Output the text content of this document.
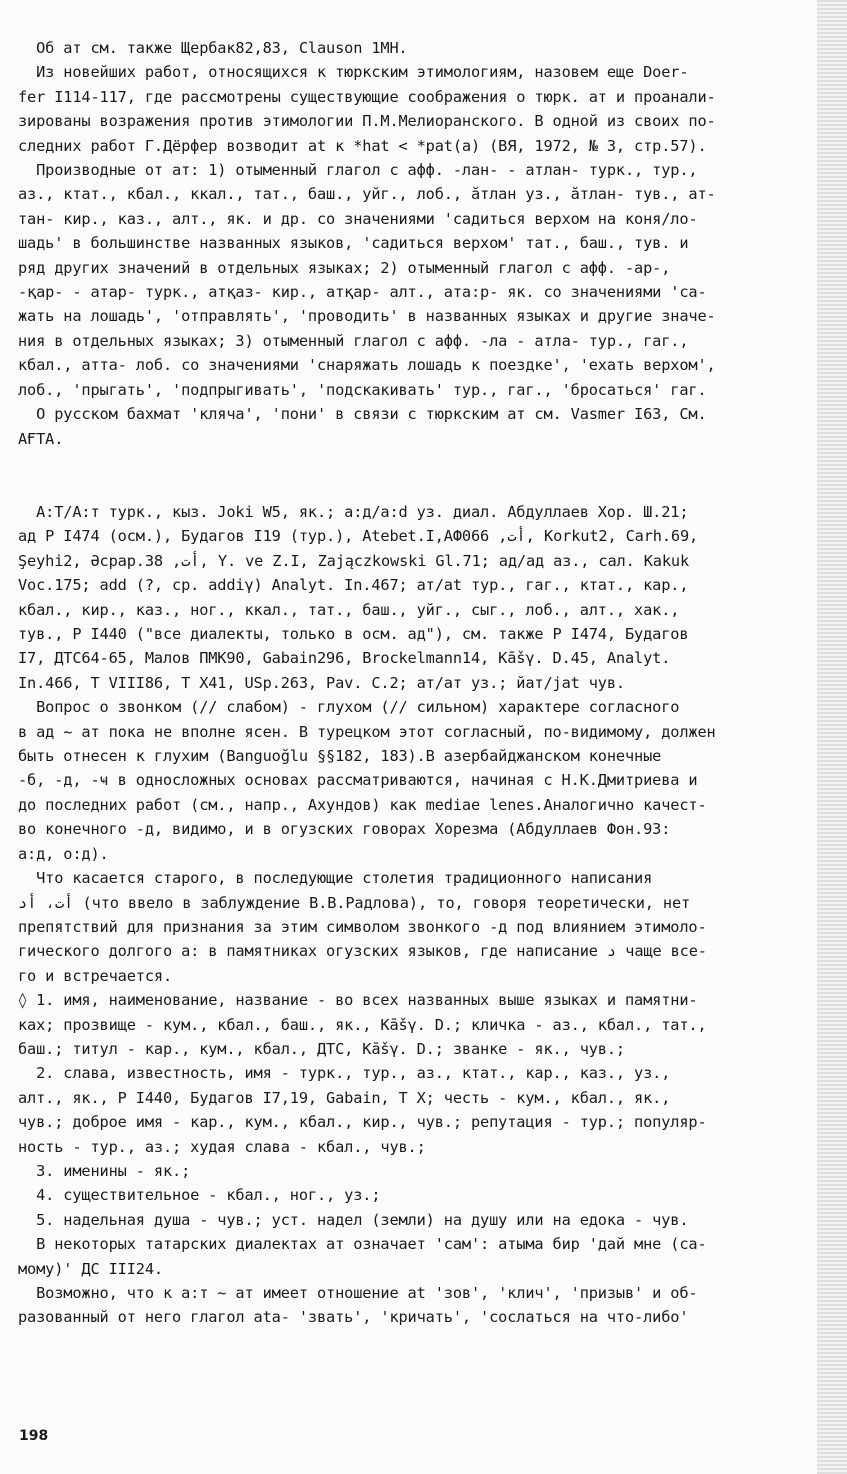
Об ат см. также Щербак82,83, Clauson 1MH.

Из новейших работ, относящихся к тюркским этимологиям, назовем еще Doer-

fer I114-117, где рассмотрены существующие соображения о тюрк. ат и проанали-

зированы возражения против этимологии П.М.Мелиоранского. В одной из своих по-

следних работ Г.Дёрфер возводит at к *hat < *pat(a) (ВЯ, 1972, № 3, стр.57).

Производные от ат: 1) отыменный глагол с афф. -лан- - атлан- турк., тур.,

аз., ктат., кбал., ккал., тат., баш., уйг., лоб., ăтлан уз., ăтлан- тув., ат-

тан- кир., каз., алт., як. и др. со значениями 'садиться верхом на коня/ло-

шадь' в большинстве названных языков, 'садиться верхом' тат., баш., тув. и

ряд других значений в отдельных языках; 2) отыменный глагол с афф. -ар-,

-қар- - атар- турк., атқаз- кир., атқар- алт., ата:р- як. со значениями 'са-

жать на лошадь', 'отправлять', 'проводить' в названных языках и другие значе-

ния в отдельных языках; 3) отыменный глагол с афф. -ла - атла- тур., гаг.,

кбал., атта- лоб. со значениями 'снаряжать лошадь к поездке', 'ехать верхом',

лоб., 'прыгать', 'подпрыгивать', 'подскакивать' тур., гаг., 'бросаться' гаг.

О русском бахмат 'кляча', 'пони' в связи с тюркским ат см. Vasmer I63, См.

АҒТА.

А:Т/A:т турк., кыз. Joki W5, як.; а:д/a:d уз. диал. Абдуллаев Хор. Ш.21;

ад Р I474 (осм.), Будагов I19 (тур.), Atebet.I,АФ066 ,أت, Korkut2, Carh.69,

Şeyhi2, Əсрар.38 ,أت, Y. ve Z.I, Zajączkowski Gl.71; ад/ад аз., сал. Kakuk

Voc.175; add (?, ср. addiγ) Analyt. In.467; aт/at тур., гаг., ктат., кар.,

кбал., кир., каз., ног., ккал., тат., баш., уйг., сыг., лоб., алт., хак.,

тув., Р I440 ("все диалекты, только в осм. ад"), см. также Р I474, Будагов

I7, ДТС64-65, Малов ПМК90, Gabain296, Brockelmann14, Kāšγ. D.45, Analyt.

In.466, Т VIII86, Т X41, USp.263, Pav. C.2; ат/ат уз.; йат/jat чув.

Вопрос о звонком (// слабом) - глухом (// сильном) характере согласного

в ад ~ ат пока не вполне ясен. В турецком этот согласный, по-видимому, должен

быть отнесен к глухим (Banguoğlu §§182, 183).В азербайджанском конечные

-б, -д, -ҹ в односложных основах рассматриваются, начиная с Н.К.Дмитриева и

до последних работ (см., напр., Ахундов) как mediae lenes.Аналогично качест-

во конечного -д, видимо, и в огузских говорах Хорезма (Абдуллаев Фон.93:

а:д, о:д).

Что касается старого, в последующие столетия традиционного написания

أت، أد (что ввело в заблуждение В.В.Радлова), то, говоря теоретически, нет

препятствий для признания за этим символом звонкого -д под влиянием этимоло-

гического долгого а: в памятниках огузских языков, где написание د чаще все-

го и встречается.

◊ 1. имя, наименование, название - во всех названных выше языках и памятни-

ках; прозвище - кум., кбал., баш., як., Kāšγ. D.; кличка - аз., кбал., тат.,

баш.; титул - кар., кум., кбал., ДТС, Kāšγ. D.; званке - як., чув.;

2. слава, известность, имя - турк., тур., аз., ктат., кар., каз., уз.,

алт., як., Р I440, Будагов I7,19, Gabain, Т X; честь - кум., кбал., як.,

чув.; доброе имя - кар., кум., кбал., кир., чув.; репутация - тур.; популяр-

ность - тур., аз.; худая слава - кбал., чув.;

3. именины - як.;

4. существительное - кбал., ног., уз.;

5. надельная душа - чув.; уст. надел (земли) на душу или на едока - чув.

В некоторых татарских диалектах ат означает 'сам': атыма бир 'дай мне (са-

мому)' ДС III24.

Возможно, что к а:т ~ ат имеет отношение at 'зов', 'клич', 'призыв' и об-

разованный от него глагол ata- 'звать', 'кричать', 'сослаться на что-либо'

198
